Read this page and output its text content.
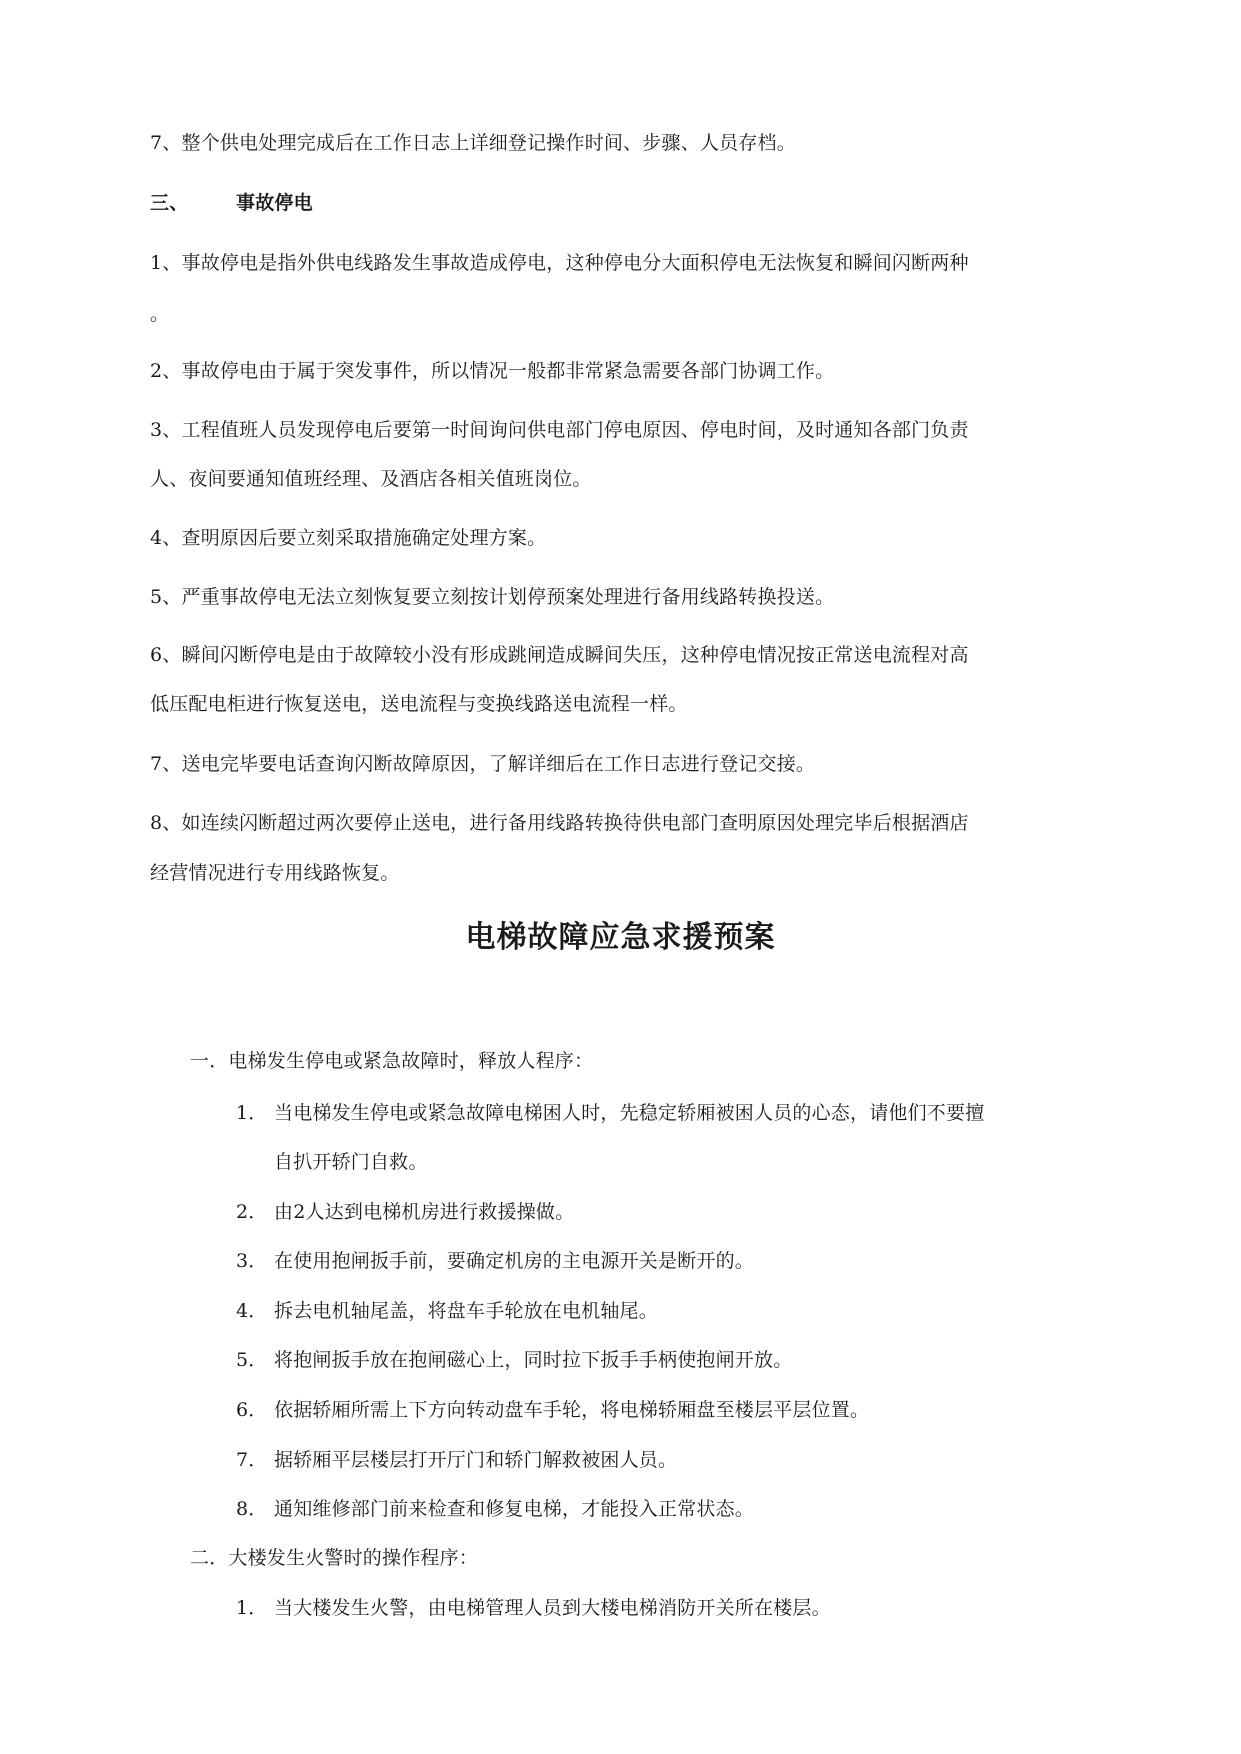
7、整个供电处理完成后在工作日志上详细登记操作时间、步骤、人员存档。
三、	事故停电
1、事故停电是指外供电线路发生事故造成停电，这种停电分大面积停电无法恢复和瞬间闪断两种
。
2、事故停电由于属于突发事件，所以情况一般都非常紧急需要各部门协调工作。
3、工程值班人员发现停电后要第一时间询问供电部门停电原因、停电时间，及时通知各部门负责
人、夜间要通知值班经理、及酒店各相关值班岗位。
4、查明原因后要立刻采取措施确定处理方案。
5、严重事故停电无法立刻恢复要立刻按计划停预案处理进行备用线路转换投送。
6、瞬间闪断停电是由于故障较小没有形成跳闸造成瞬间失压，这种停电情况按正常送电流程对高
低压配电柜进行恢复送电，送电流程与变换线路送电流程一样。
7、送电完毕要电话查询闪断故障原因，了解详细后在工作日志进行登记交接。
8、如连续闪断超过两次要停止送电，进行备用线路转换待供电部门查明原因处理完毕后根据酒店
经营情况进行专用线路恢复。
电梯故障应急求援预案
一．电梯发生停电或紧急故障时，释放人程序：
1． 当电梯发生停电或紧急故障电梯困人时，先稳定轿厢被困人员的心态，请他们不要擅
自扒开轿门自救。
2． 由2人达到电梯机房进行救援操做。
3． 在使用抱闸扳手前，要确定机房的主电源开关是断开的。
4． 拆去电机轴尾盖，将盘车手轮放在电机轴尾。
5． 将抱闸扳手放在抱闸磁心上，同时拉下扳手手柄使抱闸开放。
6． 依据轿厢所需上下方向转动盘车手轮，将电梯轿厢盘至楼层平层位置。
7． 据轿厢平层楼层打开厅门和轿门解救被困人员。
8． 通知维修部门前来检查和修复电梯，才能投入正常状态。
二．大楼发生火警时的操作程序：
1． 当大楼发生火警，由电梯管理人员到大楼电梯消防开关所在楼层。
